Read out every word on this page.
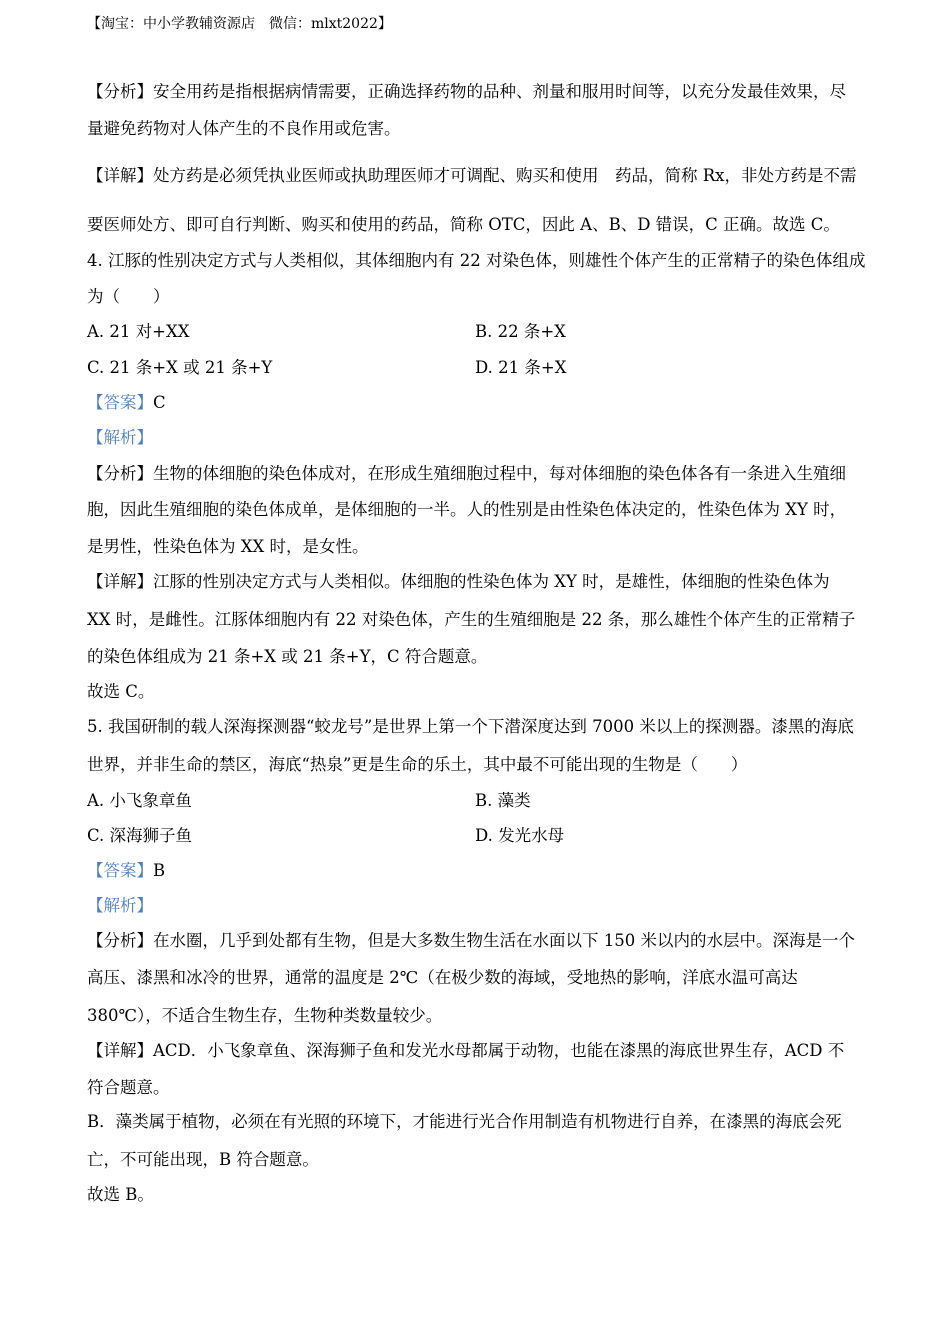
【淘宝：中小学教辅资源店　微信：mlxt2022】
【分析】安全用药是指根据病情需要，正确选择药物的品种、剂量和服用时间等，以充分发最佳效果，尽
量避免药物对人体产生的不良作用或危害。
【详解】处方药是必须凭执业医师或执助理医师才可调配、购买和使用　药品，简称 Rx，非处方药是不需
要医师处方、即可自行判断、购买和使用的药品，简称 OTC，因此 A、B、D 错误，C 正确。故选 C。
4. 江豚的性别决定方式与人类相似，其体细胞内有 22 对染色体，则雄性个体产生的正常精子的染色体组成
为（　　）
A. 21 对+XX	B. 22 条+X
C. 21 条+X 或 21 条+Y	D. 21 条+X
【答案】C
【解析】
【分析】生物的体细胞的染色体成对，在形成生殖细胞过程中，每对体细胞的染色体各有一条进入生殖细
胞，因此生殖细胞的染色体成单，是体细胞的一半。人的性别是由性染色体决定的，性染色体为 XY 时，
是男性，性染色体为 XX 时，是女性。
【详解】江豚的性别决定方式与人类相似。体细胞的性染色体为 XY 时，是雄性，体细胞的性染色体为
XX 时，是雌性。江豚体细胞内有 22 对染色体，产生的生殖细胞是 22 条，那么雄性个体产生的正常精子
的染色体组成为 21 条+X 或 21 条+Y，C 符合题意。
故选 C。
5. 我国研制的载人深海探测器“蛟龙号”是世界上第一个下潜深度达到 7000 米以上的探测器。漆黑的海底
世界，并非生命的禁区，海底“热泉”更是生命的乐土，其中最不可能出现的生物是（　　）
A. 小飞象章鱼	B. 藻类
C. 深海狮子鱼	D. 发光水母
【答案】B
【解析】
【分析】在水圈，几乎到处都有生物，但是大多数生物生活在水面以下 150 米以内的水层中。深海是一个
高压、漆黑和冰冷的世界，通常的温度是 2℃（在极少数的海域，受地热的影响，洋底水温可高达
380℃），不适合生物生存，生物种类数量较少。
【详解】ACD．小飞象章鱼、深海狮子鱼和发光水母都属于动物，也能在漆黑的海底世界生存，ACD 不
符合题意。
B．藻类属于植物，必须在有光照的环境下，才能进行光合作用制造有机物进行自养，在漆黑的海底会死
亡，不可能出现，B 符合题意。
故选 B。
